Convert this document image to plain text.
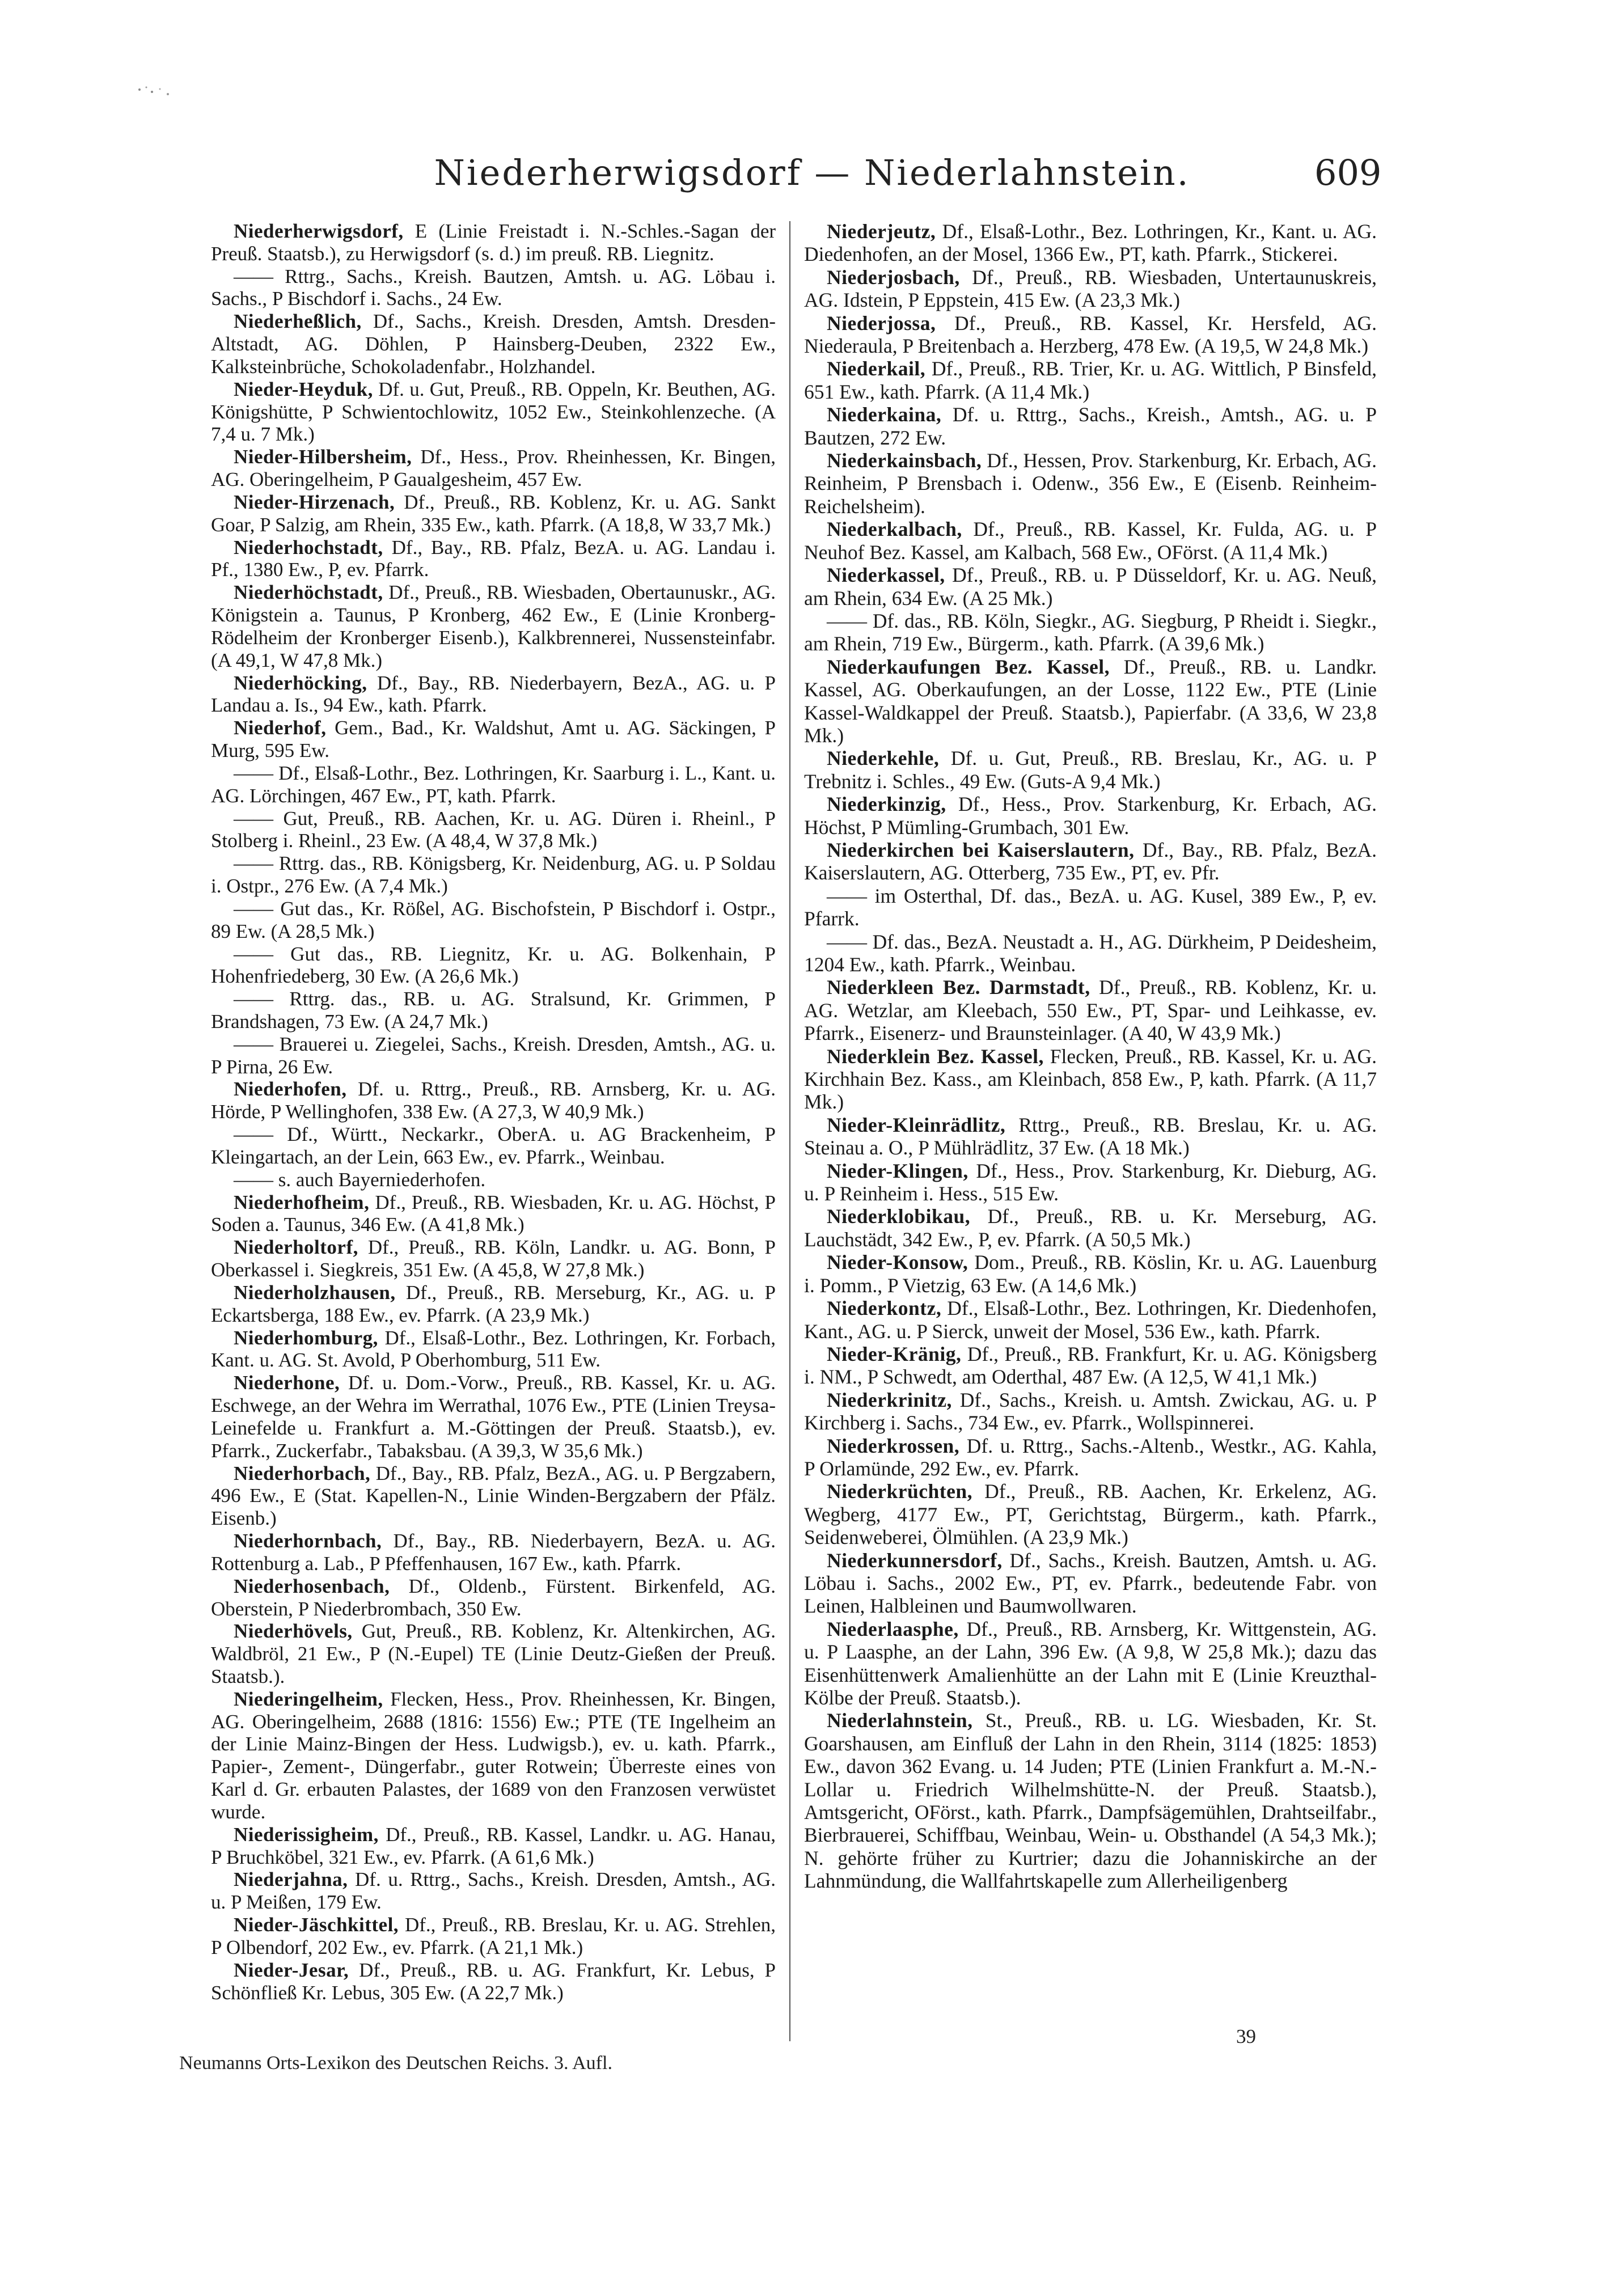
Niederherwigsdorf — Niederlahnstein.	609

Niederherwigsdorf, E (Linie Freistadt i. N.-Schles.-Sagan der Preuß. Staatsb.), zu Herwigsdorf (s. d.) im preuß. RB. Liegnitz.

—— Rttrg., Sachs., Kreish. Bautzen, Amtsh. u. AG. Löbau i. Sachs., P Bischdorf i. Sachs., 24 Ew.

Niederheßlich, Df., Sachs., Kreish. Dresden, Amtsh. Dresden-Altstadt, AG. Döhlen, P Hainsberg-Deuben, 2322 Ew., Kalksteinbrüche, Schokoladenfabr., Holzhandel.

Nieder-Heyduk, Df. u. Gut, Preuß., RB. Oppeln, Kr. Beuthen, AG. Königshütte, P Schwientochlowitz, 1052 Ew., Steinkohlenzeche. (A 7,4 u. 7 Mk.)

Nieder-Hilbersheim, Df., Hess., Prov. Rheinhessen, Kr. Bingen, AG. Oberingelheim, P Gaualgesheim, 457 Ew.

Nieder-Hirzenach, Df., Preuß., RB. Koblenz, Kr. u. AG. Sankt Goar, P Salzig, am Rhein, 335 Ew., kath. Pfarrk. (A 18,8, W 33,7 Mk.)

Niederhochstadt, Df., Bay., RB. Pfalz, BezA. u. AG. Landau i. Pf., 1380 Ew., P, ev. Pfarrk.

Niederhöchstadt, Df., Preuß., RB. Wiesbaden, Obertaunuskr., AG. Königstein a. Taunus, P Kronberg, 462 Ew., E (Linie Kronberg-Rödelheim der Kronberger Eisenb.), Kalkbrennerei, Nussensteinfabr. (A 49,1, W 47,8 Mk.)

Niederhöcking, Df., Bay., RB. Niederbayern, BezA., AG. u. P Landau a. Is., 94 Ew., kath. Pfarrk.

Niederhof, Gem., Bad., Kr. Waldshut, Amt u. AG. Säckingen, P Murg, 595 Ew.

—— Df., Elsaß-Lothr., Bez. Lothringen, Kr. Saarburg i. L., Kant. u. AG. Lörchingen, 467 Ew., PT, kath. Pfarrk.

—— Gut, Preuß., RB. Aachen, Kr. u. AG. Düren i. Rheinl., P Stolberg i. Rheinl., 23 Ew. (A 48,4, W 37,8 Mk.)

—— Rttrg. das., RB. Königsberg, Kr. Neidenburg, AG. u. P Soldau i. Ostpr., 276 Ew. (A 7,4 Mk.)

—— Gut das., Kr. Rößel, AG. Bischofstein, P Bischdorf i. Ostpr., 89 Ew. (A 28,5 Mk.)

—— Gut das., RB. Liegnitz, Kr. u. AG. Bolkenhain, P Hohenfriedeberg, 30 Ew. (A 26,6 Mk.)

—— Rttrg. das., RB. u. AG. Stralsund, Kr. Grimmen, P Brandshagen, 73 Ew. (A 24,7 Mk.)

—— Brauerei u. Ziegelei, Sachs., Kreish. Dresden, Amtsh., AG. u. P Pirna, 26 Ew.

Niederhofen, Df. u. Rttrg., Preuß., RB. Arnsberg, Kr. u. AG. Hörde, P Wellinghofen, 338 Ew. (A 27,3, W 40,9 Mk.)

—— Df., Württ., Neckarkr., OberA. u. AG Brackenheim, P Kleingartach, an der Lein, 663 Ew., ev. Pfarrk., Weinbau.

—— s. auch Bayerniederhofen.

Niederhofheim, Df., Preuß., RB. Wiesbaden, Kr. u. AG. Höchst, P Soden a. Taunus, 346 Ew. (A 41,8 Mk.)

Niederholtorf, Df., Preuß., RB. Köln, Landkr. u. AG. Bonn, P Oberkassel i. Siegkreis, 351 Ew. (A 45,8, W 27,8 Mk.)

Niederholzhausen, Df., Preuß., RB. Merseburg, Kr., AG. u. P Eckartsberga, 188 Ew., ev. Pfarrk. (A 23,9 Mk.)

Niederhomburg, Df., Elsaß-Lothr., Bez. Lothringen, Kr. Forbach, Kant. u. AG. St. Avold, P Oberhomburg, 511 Ew.

Niederhone, Df. u. Dom.-Vorw., Preuß., RB. Kassel, Kr. u. AG. Eschwege, an der Wehra im Werrathal, 1076 Ew., PTE (Linien Treysa-Leinefelde u. Frankfurt a. M.-Göttingen der Preuß. Staatsb.), ev. Pfarrk., Zuckerfabr., Tabaksbau. (A 39,3, W 35,6 Mk.)

Niederhorbach, Df., Bay., RB. Pfalz, BezA., AG. u. P Bergzabern, 496 Ew., E (Stat. Kapellen-N., Linie Winden-Bergzabern der Pfälz. Eisenb.)

Niederhornbach, Df., Bay., RB. Niederbayern, BezA. u. AG. Rottenburg a. Lab., P Pfeffenhausen, 167 Ew., kath. Pfarrk.

Niederhosenbach, Df., Oldenb., Fürstent. Birkenfeld, AG. Oberstein, P Niederbrombach, 350 Ew.

Niederhövels, Gut, Preuß., RB. Koblenz, Kr. Altenkirchen, AG. Waldbröl, 21 Ew., P (N.-Eupel) TE (Linie Deutz-Gießen der Preuß. Staatsb.).

Niederingelheim, Flecken, Hess., Prov. Rheinhessen, Kr. Bingen, AG. Oberingelheim, 2688 (1816: 1556) Ew.; PTE (TE Ingelheim an der Linie Mainz-Bingen der Hess. Ludwigsb.), ev. u. kath. Pfarrk., Papier-, Zement-, Düngerfabr., guter Rotwein; Überreste eines von Karl d. Gr. erbauten Palastes, der 1689 von den Franzosen verwüstet wurde.

Niederissigheim, Df., Preuß., RB. Kassel, Landkr. u. AG. Hanau, P Bruchköbel, 321 Ew., ev. Pfarrk. (A 61,6 Mk.)

Niederjahna, Df. u. Rttrg., Sachs., Kreish. Dresden, Amtsh., AG. u. P Meißen, 179 Ew.

Nieder-Jäschkittel, Df., Preuß., RB. Breslau, Kr. u. AG. Strehlen, P Olbendorf, 202 Ew., ev. Pfarrk. (A 21,1 Mk.)

Nieder-Jesar, Df., Preuß., RB. u. AG. Frankfurt, Kr. Lebus, P Schönfließ Kr. Lebus, 305 Ew. (A 22,7 Mk.)

Niederjeutz, Df., Elsaß-Lothr., Bez. Lothringen, Kr., Kant. u. AG. Diedenhofen, an der Mosel, 1366 Ew., PT, kath. Pfarrk., Stickerei.

Niederjosbach, Df., Preuß., RB. Wiesbaden, Untertaunuskreis, AG. Idstein, P Eppstein, 415 Ew. (A 23,3 Mk.)

Niederjossa, Df., Preuß., RB. Kassel, Kr. Hersfeld, AG. Niederaula, P Breitenbach a. Herzberg, 478 Ew. (A 19,5, W 24,8 Mk.)

Niederkail, Df., Preuß., RB. Trier, Kr. u. AG. Wittlich, P Binsfeld, 651 Ew., kath. Pfarrk. (A 11,4 Mk.)

Niederkaina, Df. u. Rttrg., Sachs., Kreish., Amtsh., AG. u. P Bautzen, 272 Ew.

Niederkainsbach, Df., Hessen, Prov. Starkenburg, Kr. Erbach, AG. Reinheim, P Brensbach i. Odenw., 356 Ew., E (Eisenb. Reinheim-Reichelsheim).

Niederkalbach, Df., Preuß., RB. Kassel, Kr. Fulda, AG. u. P Neuhof Bez. Kassel, am Kalbach, 568 Ew., OFörst. (A 11,4 Mk.)

Niederkassel, Df., Preuß., RB. u. P Düsseldorf, Kr. u. AG. Neuß, am Rhein, 634 Ew. (A 25 Mk.)

—— Df. das., RB. Köln, Siegkr., AG. Siegburg, P Rheidt i. Siegkr., am Rhein, 719 Ew., Bürgerm., kath. Pfarrk. (A 39,6 Mk.)

Niederkaufungen Bez. Kassel, Df., Preuß., RB. u. Landkr. Kassel, AG. Oberkaufungen, an der Losse, 1122 Ew., PTE (Linie Kassel-Waldkappel der Preuß. Staatsb.), Papierfabr. (A 33,6, W 23,8 Mk.)

Niederkehle, Df. u. Gut, Preuß., RB. Breslau, Kr., AG. u. P Trebnitz i. Schles., 49 Ew. (Guts-A 9,4 Mk.)

Niederkinzig, Df., Hess., Prov. Starkenburg, Kr. Erbach, AG. Höchst, P Mümling-Grumbach, 301 Ew.

Niederkirchen bei Kaiserslautern, Df., Bay., RB. Pfalz, BezA. Kaiserslautern, AG. Otterberg, 735 Ew., PT, ev. Pfr.

—— im Osterthal, Df. das., BezA. u. AG. Kusel, 389 Ew., P, ev. Pfarrk.

—— Df. das., BezA. Neustadt a. H., AG. Dürkheim, P Deidesheim, 1204 Ew., kath. Pfarrk., Weinbau.

Niederkleen Bez. Darmstadt, Df., Preuß., RB. Koblenz, Kr. u. AG. Wetzlar, am Kleebach, 550 Ew., PT, Spar- und Leihkasse, ev. Pfarrk., Eisenerz- und Braunsteinlager. (A 40, W 43,9 Mk.)

Niederklein Bez. Kassel, Flecken, Preuß., RB. Kassel, Kr. u. AG. Kirchhain Bez. Kass., am Kleinbach, 858 Ew., P, kath. Pfarrk. (A 11,7 Mk.)

Nieder-Kleinrädlitz, Rttrg., Preuß., RB. Breslau, Kr. u. AG. Steinau a. O., P Mühlrädlitz, 37 Ew. (A 18 Mk.)

Nieder-Klingen, Df., Hess., Prov. Starkenburg, Kr. Dieburg, AG. u. P Reinheim i. Hess., 515 Ew.

Niederklobikau, Df., Preuß., RB. u. Kr. Merseburg, AG. Lauchstädt, 342 Ew., P, ev. Pfarrk. (A 50,5 Mk.)

Nieder-Konsow, Dom., Preuß., RB. Köslin, Kr. u. AG. Lauenburg i. Pomm., P Vietzig, 63 Ew. (A 14,6 Mk.)

Niederkontz, Df., Elsaß-Lothr., Bez. Lothringen, Kr. Diedenhofen, Kant., AG. u. P Sierck, unweit der Mosel, 536 Ew., kath. Pfarrk.

Nieder-Kränig, Df., Preuß., RB. Frankfurt, Kr. u. AG. Königsberg i. NM., P Schwedt, am Oderthal, 487 Ew. (A 12,5, W 41,1 Mk.)

Niederkrinitz, Df., Sachs., Kreish. u. Amtsh. Zwickau, AG. u. P Kirchberg i. Sachs., 734 Ew., ev. Pfarrk., Wollspinnerei.

Niederkrossen, Df. u. Rttrg., Sachs.-Altenb., Westkr., AG. Kahla, P Orlamünde, 292 Ew., ev. Pfarrk.

Niederkrüchten, Df., Preuß., RB. Aachen, Kr. Erkelenz, AG. Wegberg, 4177 Ew., PT, Gerichtstag, Bürgerm., kath. Pfarrk., Seidenweberei, Ölmühlen. (A 23,9 Mk.)

Niederkunnersdorf, Df., Sachs., Kreish. Bautzen, Amtsh. u. AG. Löbau i. Sachs., 2002 Ew., PT, ev. Pfarrk., bedeutende Fabr. von Leinen, Halbleinen und Baumwollwaren.

Niederlaasphe, Df., Preuß., RB. Arnsberg, Kr. Wittgenstein, AG. u. P Laasphe, an der Lahn, 396 Ew. (A 9,8, W 25,8 Mk.); dazu das Eisenhüttenwerk Amalienhütte an der Lahn mit E (Linie Kreuzthal-Kölbe der Preuß. Staatsb.).

Niederlahnstein, St., Preuß., RB. u. LG. Wiesbaden, Kr. St. Goarshausen, am Einfluß der Lahn in den Rhein, 3114 (1825: 1853) Ew., davon 362 Evang. u. 14 Juden; PTE (Linien Frankfurt a. M.-N.-Lollar u. Friedrich Wilhelmshütte-N. der Preuß. Staatsb.), Amtsgericht, OFörst., kath. Pfarrk., Dampfsägemühlen, Drahtseilfabr., Bierbrauerei, Schiffbau, Weinbau, Wein- u. Obsthandel (A 54,3 Mk.); N. gehörte früher zu Kurtrier; dazu die Johanniskirche an der Lahnmündung, die Wallfahrtskapelle zum Allerheiligenberg

39
Neumanns Orts-Lexikon des Deutschen Reichs. 3. Aufl.
